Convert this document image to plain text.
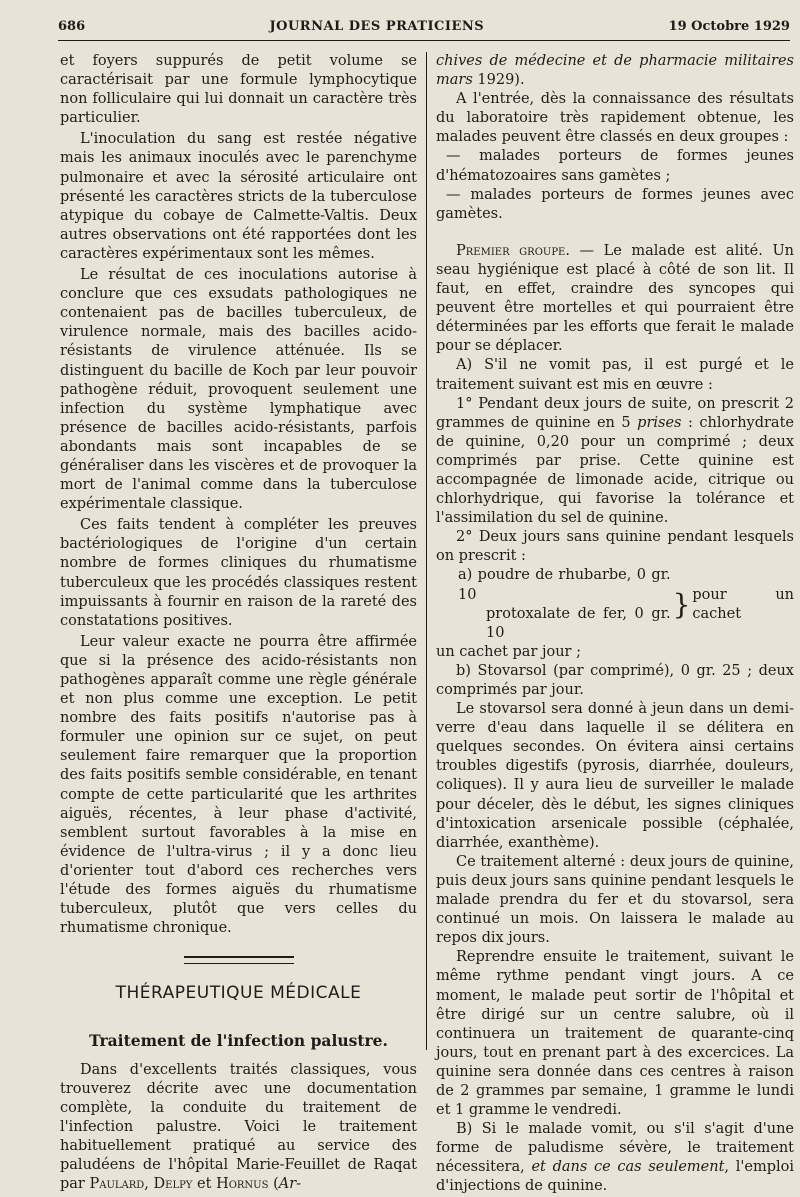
686	JOURNAL DES PRATICIENS	19 Octobre 1929

et foyers suppurés de petit volume se caractérisait par une formule lymphocytique non folliculaire qui lui donnait un caractère très particulier.

L'inoculation du sang est restée négative mais les animaux inoculés avec le parenchyme pulmonaire et avec la sérosité articulaire ont présenté les caractères stricts de la tuberculose atypique du cobaye de Calmette-Valtis. Deux autres observations ont été rapportées dont les caractères expérimentaux sont les mêmes.

Le résultat de ces inoculations autorise à conclure que ces exsudats pathologiques ne contenaient pas de bacilles tuberculeux, de virulence normale, mais des bacilles acido-résistants de virulence atténuée. Ils se distinguent du bacille de Koch par leur pouvoir pathogène réduit, provoquent seulement une infection du système lymphatique avec présence de bacilles acido-résistants, parfois abondants mais sont incapables de se généraliser dans les viscères et de provoquer la mort de l'animal comme dans la tuberculose expérimentale classique.

Ces faits tendent à compléter les preuves bactériologiques de l'origine d'un certain nombre de formes cliniques du rhumatisme tuberculeux que les procédés classiques restent impuissants à fournir en raison de la rareté des constatations positives.

Leur valeur exacte ne pourra être affirmée que si la présence des acido-résistants non pathogènes apparaît comme une règle générale et non plus comme une exception. Le petit nombre des faits positifs n'autorise pas à formuler une opinion sur ce sujet, on peut seulement faire remarquer que la proportion des faits positifs semble considérable, en tenant compte de cette particularité que les arthrites aiguës, récentes, à leur phase d'activité, semblent surtout favorables à la mise en évidence de l'ultra-virus ; il y a donc lieu d'orienter tout d'abord ces recherches vers l'étude des formes aiguës du rhumatisme tuberculeux, plutôt que vers celles du rhumatisme chronique.

THÉRAPEUTIQUE MÉDICALE
Traitement de l'infection palustre.

Dans d'excellents traités classiques, vous trouverez décrite avec une documentation complète, la conduite du traitement de l'infection palustre. Voici le traitement habituellement pratiqué au service des paludéens de l'hôpital Marie-Feuillet de Raqat par Paulard, Delpy et Hornus (Ar-

chives de médecine et de pharmacie militaires mars 1929).

A l'entrée, dès la connaissance des résultats du laboratoire très rapidement obtenue, les malades peuvent être classés en deux groupes :

— malades porteurs de formes jeunes d'hématozoaires sans gamètes ;

— malades porteurs de formes jeunes avec gamètes.

Premier groupe. — Le malade est alité. Un seau hygiénique est placé à côté de son lit. Il faut, en effet, craindre des syncopes qui peuvent être mortelles et qui pourraient être déterminées par les efforts que ferait le malade pour se déplacer.

A) S'il ne vomit pas, il est purgé et le traitement suivant est mis en œuvre :

1° Pendant deux jours de suite, on prescrit 2 grammes de quinine en 5 prises : chlorhydrate de quinine, 0,20 pour un comprimé ; deux comprimés par prise. Cette quinine est accompagnée de limonade acide, citrique ou chlorhydrique, qui favorise la tolérance et l'assimilation du sel de quinine.

2° Deux jours sans quinine pendant lesquels on prescrit :

a) poudre de rhubarbe, 0 gr. 10
protoxalate de fer, 0 gr. 10
} pour un cachet

un cachet par jour ;

b) Stovarsol (par comprimé), 0 gr. 25 ; deux comprimés par jour.

Le stovarsol sera donné à jeun dans un demi-verre d'eau dans laquelle il se délitera en quelques secondes. On évitera ainsi certains troubles digestifs (pyrosis, diarrhée, douleurs, coliques). Il y aura lieu de surveiller le malade pour déceler, dès le début, les signes cliniques d'intoxication arsenicale possible (céphalée, diarrhée, exanthème).

Ce traitement alterné : deux jours de quinine, puis deux jours sans quinine pendant lesquels le malade prendra du fer et du stovarsol, sera continué un mois. On laissera le malade au repos dix jours.

Reprendre ensuite le traitement, suivant le même rythme pendant vingt jours. A ce moment, le malade peut sortir de l'hôpital et être dirigé sur un centre salubre, où il continuera un traitement de quarante-cinq jours, tout en prenant part à des excercices. La quinine sera donnée dans ces centres à raison de 2 grammes par semaine, 1 gramme le lundi et 1 gramme le vendredi.

B) Si le malade vomit, ou s'il s'agit d'une forme de paludisme sévère, le traitement nécessitera, et dans ce cas seulement, l'emploi d'injections de quinine.
